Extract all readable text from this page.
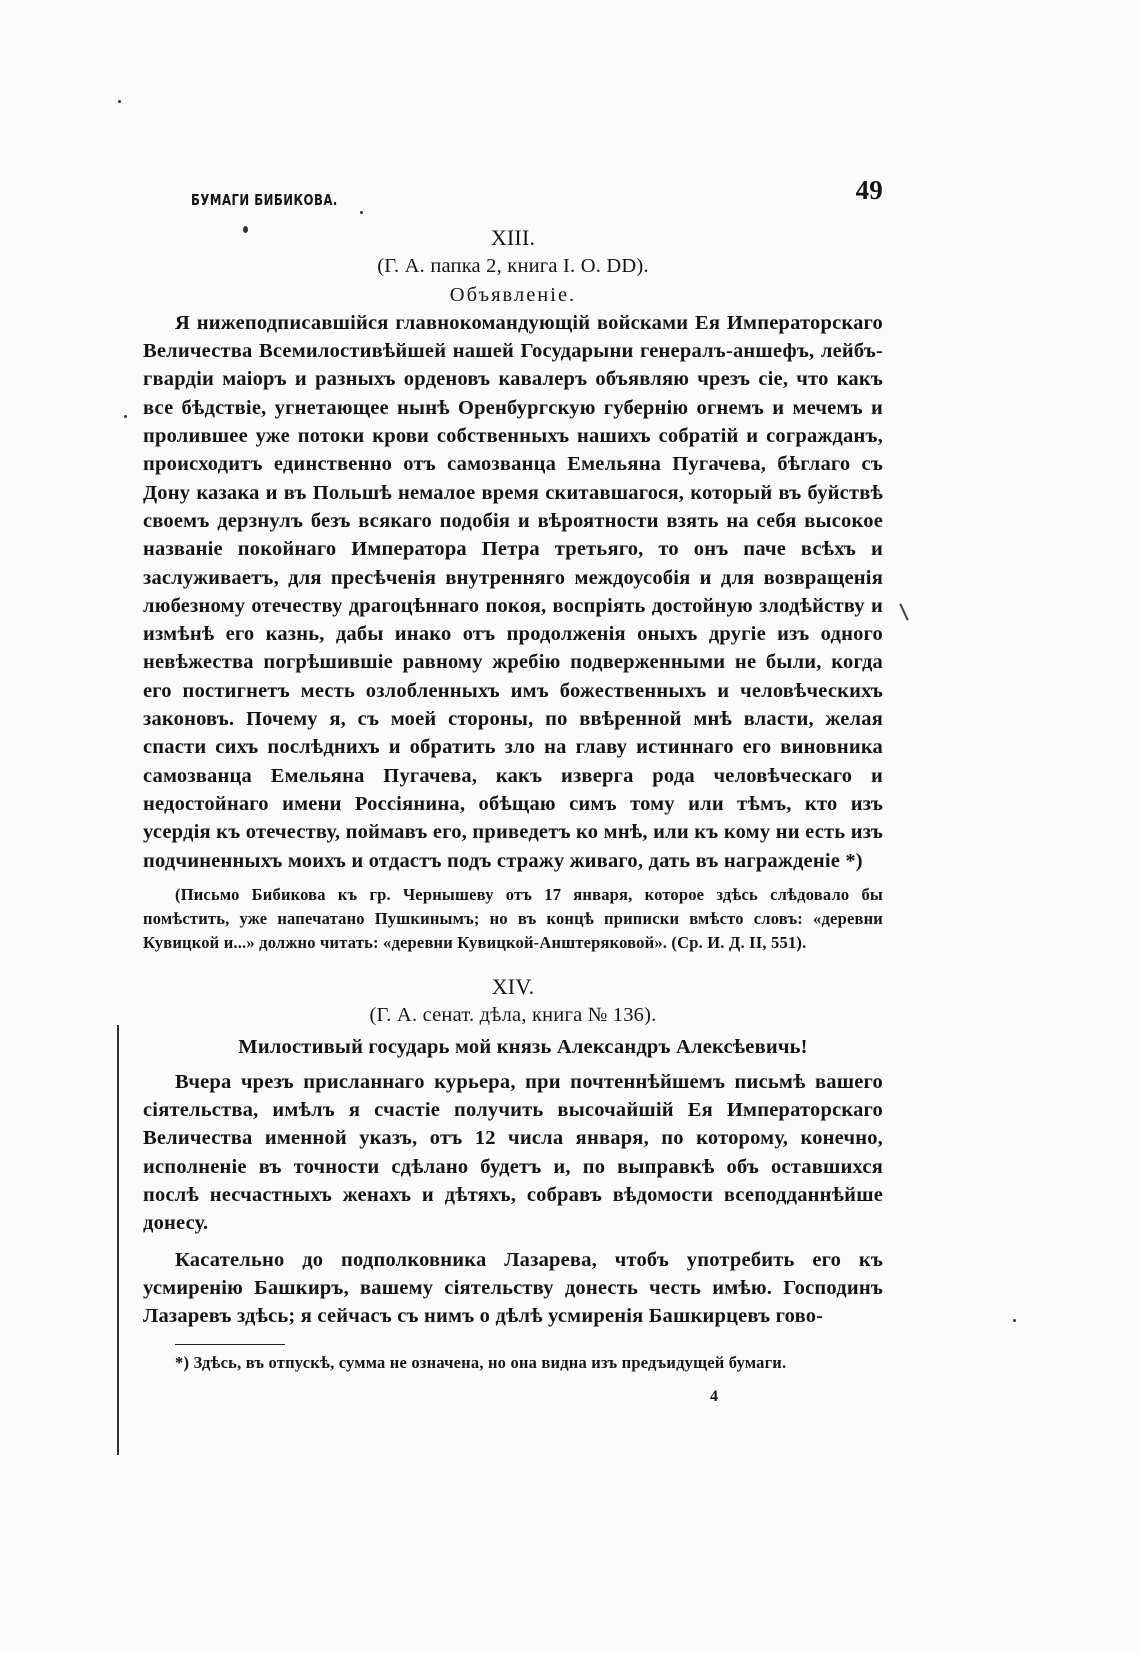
БУМАГИ БИБИКОВА.	49
XIII.
(Г. А. папка 2, книга I. O. DD).
Объявленіе.

Я нижеподписавшійся главнокомандующій войсками Ея Императорскаго Величества Всемилостивѣйшей нашей Государыни генералъ-аншефъ, лейбъ-гвардіи маіоръ и разныхъ орденовъ кавалеръ объявляю чрезъ сіе, что какъ все бѣдствіе, угнетающее нынѣ Оренбургскую губернію огнемъ и мечемъ и пролившее уже потоки крови собственныхъ нашихъ собратій и согражданъ, происходитъ единственно отъ самозванца Емельяна Пугачева, бѣглаго съ Дону казака и въ Польшѣ немалое время скитавшагося, который въ буйствѣ своемъ дерзнулъ безъ всякаго подобія и вѣроятности взять на себя высокое названіе покойнаго Императора Петра третьяго, то онъ паче всѣхъ и заслуживаетъ, для пресѣченія внутренняго междоусобія и для возвращенія любезному отечеству драгоцѣннаго покоя, воспріять достойную злодѣйству и измѣнѣ его казнь, дабы инако отъ продолженія оныхъ другіе изъ одного невѣжества погрѣшившіе равному жребію подверженными не были, когда его постигнетъ месть озлобленныхъ имъ божественныхъ и человѣческихъ законовъ. Почему я, съ моей стороны, по ввѣренной мнѣ власти, желая спасти сихъ послѣднихъ и обратить зло на главу истиннаго его виновника самозванца Емельяна Пугачева, какъ изверга рода человѣческаго и недостойнаго имени Россіянина, обѣщаю симъ тому или тѣмъ, кто изъ усердія къ отечеству, поймавъ его, приведетъ ко мнѣ, или къ кому ни есть изъ подчиненныхъ моихъ и отдастъ подъ стражу живаго, дать въ награжденіе *)

(Письмо Бибикова къ гр. Чернышеву отъ 17 января, которое здѣсь слѣдовало бы помѣстить, уже напечатано Пушкинымъ; но въ концѣ приписки вмѣсто словъ: «деревни Кувицкой и...» должно читать: «деревни Кувицкой-Анштеряковой». (Ср. И. Д. II, 551).

XIV.
(Г. А. сенат. дѣла, книга № 136).
Милостивый государь мой князь Александръ Алексѣевичь!

Вчера чрезъ присланнагo курьера, при почтеннѣйшемъ письмѣ вашего сіятельства, имѣлъ я счастіе получить высочайшій Ея Императорскаго Величества именной указъ, отъ 12 числа января, по которому, конечно, исполненіе въ точности сдѣлано будетъ и, по выправкѣ объ оставшихся послѣ несчастныхъ женахъ и дѣтяхъ, собравъ вѣдомости всеподданнѣйше донесу.

Касательно до подполковника Лазарева, чтобъ употребить его къ усмиренію Башкиръ, вашему сіятельству донесть честь имѣю. Господинъ Лазаревъ здѣсь; я сейчасъ съ нимъ о дѣлѣ усмиренія Башкирцевъ гово-

*) Здѣсь, въ отпускѣ, сумма не означена, но она видна изъ предъидущей бумаги.

4
